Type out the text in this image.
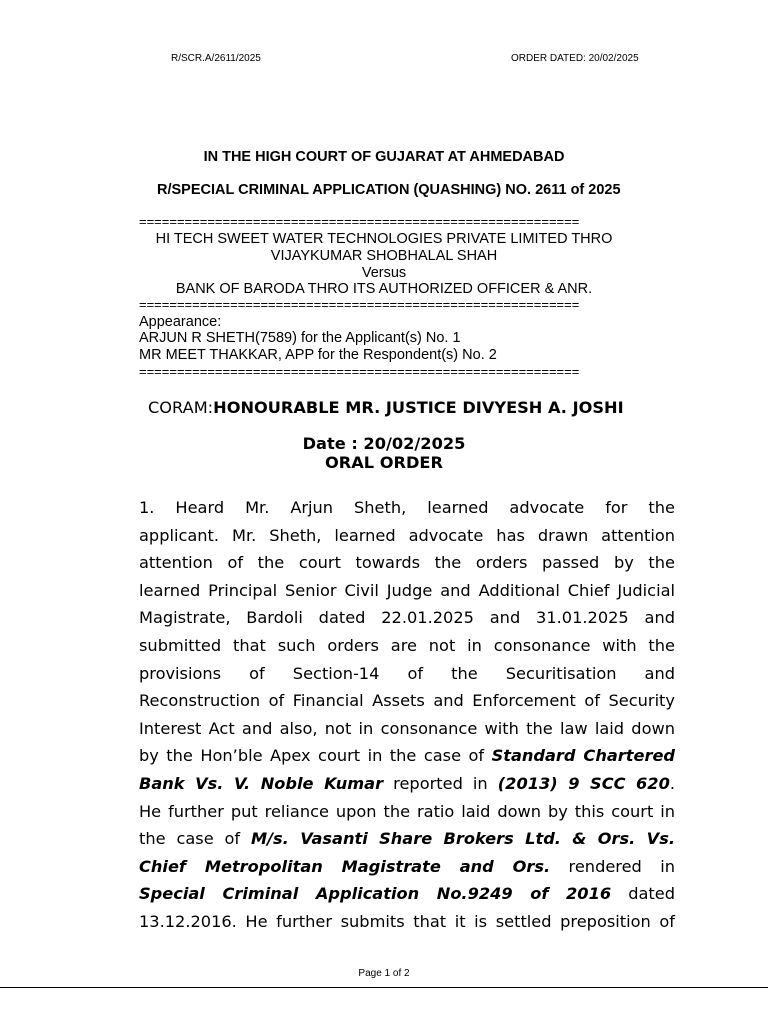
R/SCR.A/2611/2025	ORDER DATED: 20/02/2025
IN THE HIGH COURT OF GUJARAT AT AHMEDABAD
R/SPECIAL CRIMINAL APPLICATION (QUASHING) NO. 2611 of 2025
==========================================================
HI TECH SWEET WATER TECHNOLOGIES PRIVATE LIMITED THRO
VIJAYKUMAR SHOBHALAL SHAH
Versus
BANK OF BARODA THRO ITS AUTHORIZED OFFICER & ANR.
==========================================================
Appearance:
ARJUN R SHETH(7589) for the Applicant(s) No. 1
MR MEET THAKKAR, APP for the Respondent(s) No. 2
==========================================================
CORAM:HONOURABLE MR. JUSTICE DIVYESH A. JOSHI
Date : 20/02/2025
ORAL ORDER
1. Heard Mr. Arjun Sheth, learned advocate for the
applicant. Mr. Sheth, learned advocate has drawn attention
attention of the court towards the orders passed by the
learned Principal Senior Civil Judge and Additional Chief Judicial
Magistrate, Bardoli dated 22.01.2025 and 31.01.2025 and
submitted that such orders are not in consonance with the
provisions of Section-14 of the Securitisation and
Reconstruction of Financial Assets and Enforcement of Security
Interest Act and also, not in consonance with the law laid down
by the Hon’ble Apex court in the case of Standard Chartered
Bank Vs. V. Noble Kumar reported in (2013) 9 SCC 620.
He further put reliance upon the ratio laid down by this court in
the case of M/s. Vasanti Share Brokers Ltd. & Ors. Vs.
Chief Metropolitan Magistrate and Ors. rendered in
Special Criminal Application No.9249 of 2016 dated
13.12.2016. He further submits that it is settled preposition of
Page 1 of 2
